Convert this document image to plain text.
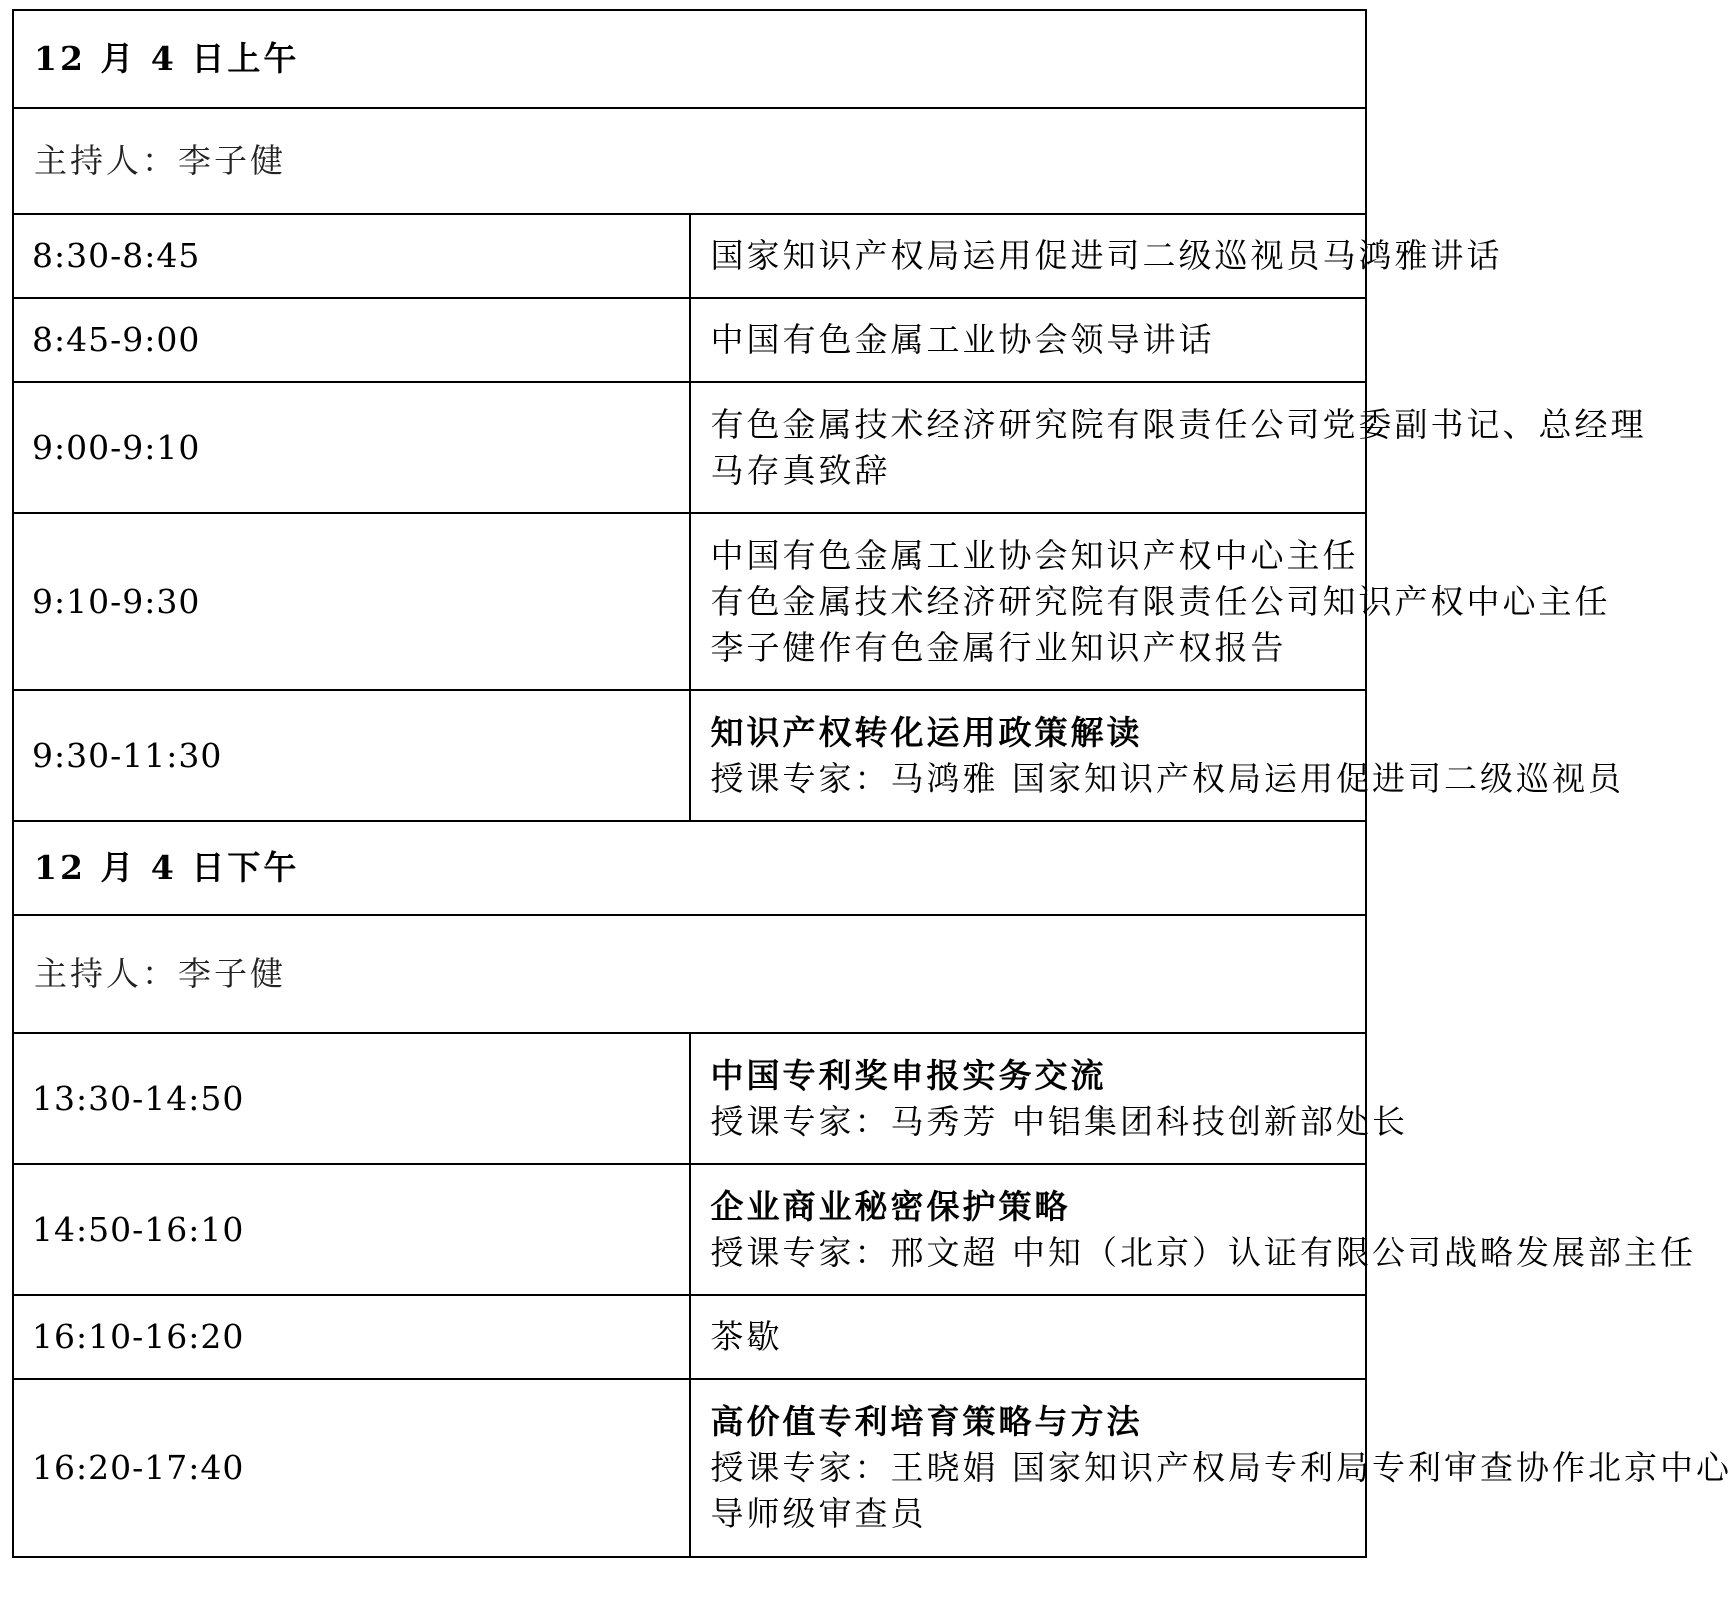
12 月 4 日上午	
主持人：李子健	
8:30-8:45	国家知识产权局运用促进司二级巡视员马鸿雅讲话

8:45-9:00	中国有色金属工业协会领导讲话

9:00-9:10	有色金属技术经济研究院有限责任公司党委副书记、总经理
马存真致辞

9:10-9:30	中国有色金属工业协会知识产权中心主任
有色金属技术经济研究院有限责任公司知识产权中心主任
李子健作有色金属行业知识产权报告

9:30-11:30	知识产权转化运用政策解读
授课专家：马鸿雅 国家知识产权局运用促进司二级巡视员

12 月 4 日下午	
主持人：李子健	
13:30-14:50	中国专利奖申报实务交流
授课专家：马秀芳 中铝集团科技创新部处长

14:50-16:10	企业商业秘密保护策略
授课专家：邢文超 中知（北京）认证有限公司战略发展部主任

16:10-16:20	茶歇

16:20-17:40	高价值专利培育策略与方法
授课专家：王晓娟 国家知识产权局专利局专利审查协作北京中心
导师级审查员
